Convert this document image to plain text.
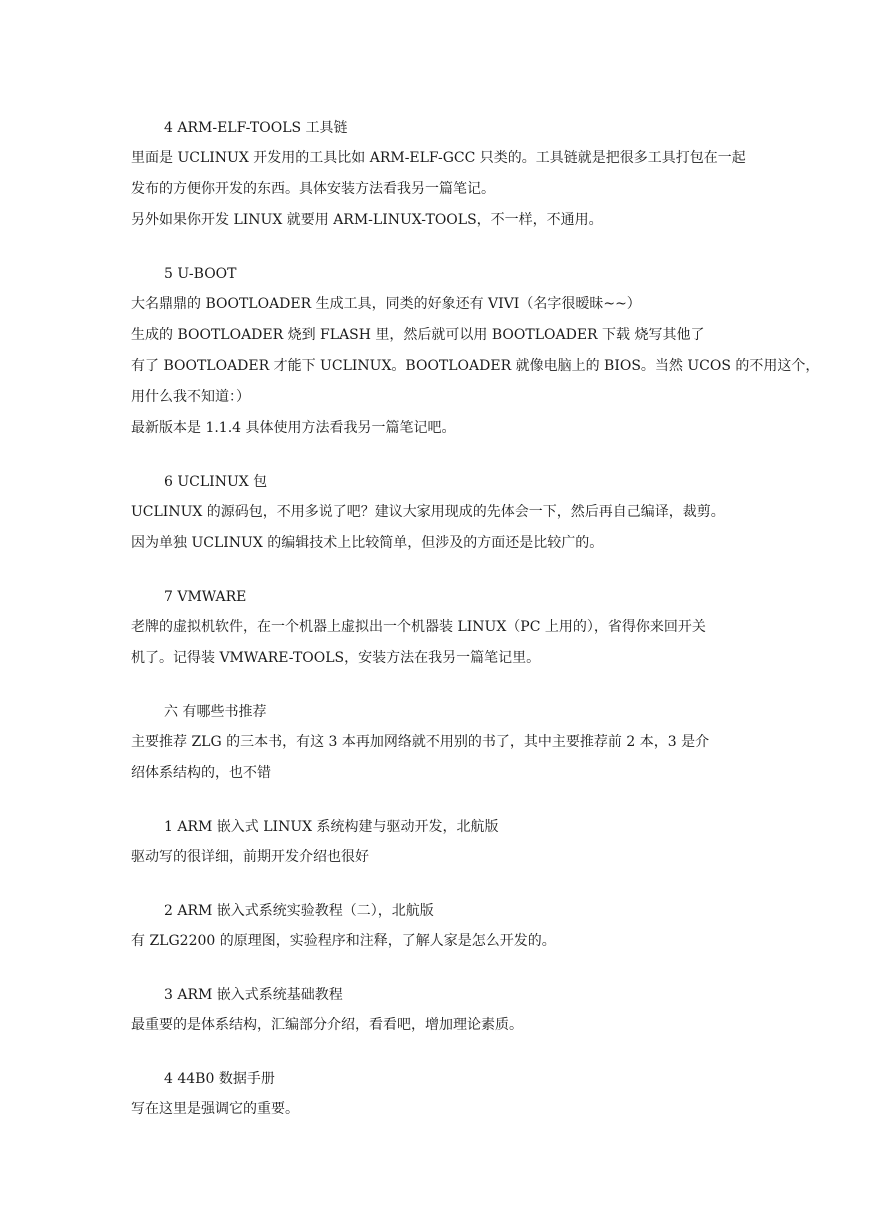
4 ARM-ELF-TOOLS 工具链
里面是 UCLINUX 开发用的工具比如 ARM-ELF-GCC 只类的。工具链就是把很多工具打包在一起
发布的方便你开发的东西。具体安装方法看我另一篇笔记。
另外如果你开发 LINUX 就要用 ARM-LINUX-TOOLS，不一样，不通用。
5 U-BOOT
大名鼎鼎的 BOOTLOADER 生成工具，同类的好象还有 VIVI（名字很暧昧~~）
生成的 BOOTLOADER 烧到 FLASH 里，然后就可以用 BOOTLOADER 下载 烧写其他了
有了 BOOTLOADER 才能下 UCLINUX。BOOTLOADER 就像电脑上的 BIOS。当然 UCOS 的不用这个，
用什么我不知道：）
最新版本是 1.1.4 具体使用方法看我另一篇笔记吧。
6 UCLINUX 包
UCLINUX 的源码包，不用多说了吧？建议大家用现成的先体会一下，然后再自己编译，裁剪。
因为单独 UCLINUX 的编辑技术上比较简单，但涉及的方面还是比较广的。
7 VMWARE
老牌的虚拟机软件，在一个机器上虚拟出一个机器装 LINUX（PC 上用的），省得你来回开关
机了。记得装 VMWARE-TOOLS，安装方法在我另一篇笔记里。
六 有哪些书推荐
主要推荐 ZLG 的三本书，有这 3 本再加网络就不用别的书了，其中主要推荐前 2 本，3 是介
绍体系结构的，也不错
1 ARM 嵌入式 LINUX 系统构建与驱动开发，北航版
驱动写的很详细，前期开发介绍也很好
2 ARM 嵌入式系统实验教程（二），北航版
有 ZLG2200 的原理图，实验程序和注释，了解人家是怎么开发的。
3 ARM 嵌入式系统基础教程
最重要的是体系结构，汇编部分介绍，看看吧，增加理论素质。
4 44B0 数据手册
写在这里是强调它的重要。
